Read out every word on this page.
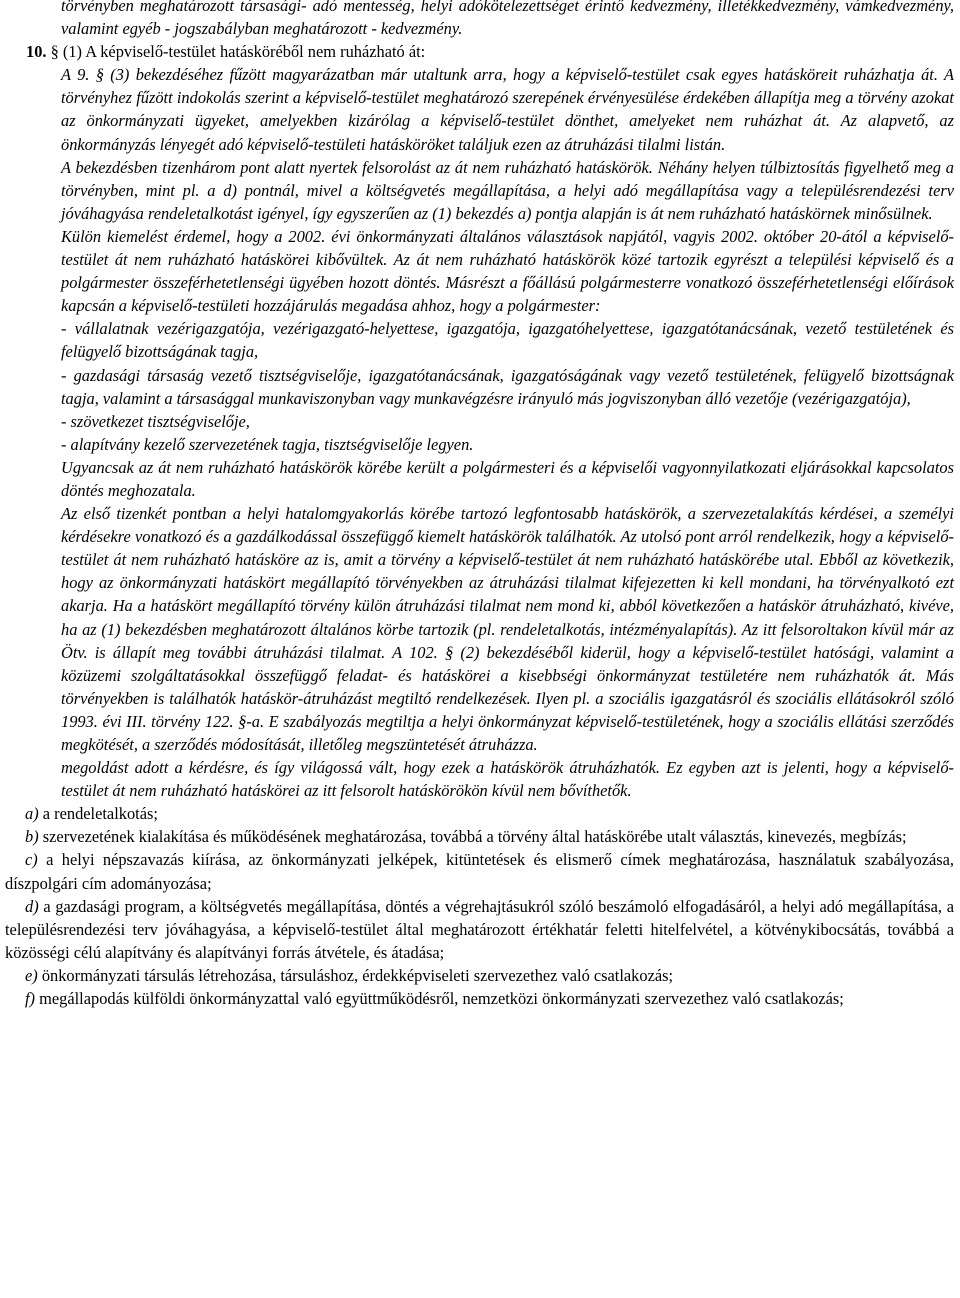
törvényben meghatározott társasági- adó mentesség, helyi adókötelezettséget érintő kedvezmény, illetékkedvezmény, vámkedvezmény, valamint egyéb - jogszabályban meghatározott - kedvezmény.

10. § (1) A képviselő-testület hatásköréből nem ruházható át:

A 9. § (3) bekezdéséhez fűzött magyarázatban már utaltunk arra, hogy a képviselő-testület csak egyes hatásköreit ruházhatja át. A törvényhez fűzött indokolás szerint a képviselő-testület meghatározó szerepének érvényesülése érdekében állapítja meg a törvény azokat az önkormányzati ügyeket, amelyekben kizárólag a képviselő-testület dönthet, amelyeket nem ruházhat át. Az alapvető, az önkormányzás lényegét adó képviselő-testületi hatásköröket találjuk ezen az átruházási tilalmi listán.

A bekezdésben tizenhárom pont alatt nyertek felsorolást az át nem ruházható hatáskörök. Néhány helyen túlbiztosítás figyelhető meg a törvényben, mint pl. a d) pontnál, mivel a költségvetés megállapítása, a helyi adó megállapítása vagy a településrendezési terv jóváhagyása rendeletalkotást igényel, így egyszerűen az (1) bekezdés a) pontja alapján is át nem ruházható hatáskörnek minősülnek.

Külön kiemelést érdemel, hogy a 2002. évi önkormányzati általános választások napjától, vagyis 2002. október 20-ától a képviselő-testület át nem ruházható hatáskörei kibővültek. Az át nem ruházható hatáskörök közé tartozik egyrészt a települési képviselő és a polgármester összeférhetetlenségi ügyében hozott döntés. Másrészt a főállású polgármesterre vonatkozó összeférhetetlenségi előírások kapcsán a képviselő-testületi hozzájárulás megadása ahhoz, hogy a polgármester:

- vállalatnak vezérigazgatója, vezérigazgató-helyettese, igazgatója, igazgatóhelyettese, igazgatótanácsának, vezető testületének és felügyelő bizottságának tagja,

- gazdasági társaság vezető tisztségviselője, igazgatótanácsának, igazgatóságának vagy vezető testületének, felügyelő bizottságnak tagja, valamint a társasággal munkaviszonyban vagy munkavégzésre irányuló más jogviszonyban álló vezetője (vezérigazgatója),

- szövetkezet tisztségviselője,

- alapítvány kezelő szervezetének tagja, tisztségviselője legyen.

Ugyancsak az át nem ruházható hatáskörök körébe került a polgármesteri és a képviselői vagyonnyilatkozati eljárásokkal kapcsolatos döntés meghozatala.

Az első tizenkét pontban a helyi hatalomgyakorlás körébe tartozó legfontosabb hatáskörök, a szervezetalakítás kérdései, a személyi kérdésekre vonatkozó és a gazdálkodással összefüggő kiemelt hatáskörök találhatók. Az utolsó pont arról rendelkezik, hogy a képviselő-testület át nem ruházható hatásköre az is, amit a törvény a képviselő-testület át nem ruházható hatáskörébe utal. Ebből az következik, hogy az önkormányzati hatáskört megállapító törvényekben az átruházási tilalmat kifejezetten ki kell mondani, ha törvényalkotó ezt akarja. Ha a hatáskört megállapító törvény külön átruházási tilalmat nem mond ki, abból következően a hatáskör átruházható, kivéve, ha az (1) bekezdésben meghatározott általános körbe tartozik (pl. rendeletalkotás, intézményalapítás). Az itt felsoroltakon kívül már az Ötv. is állapít meg további átruházási tilalmat. A 102. § (2) bekezdéséből kiderül, hogy a képviselő-testület hatósági, valamint a közüzemi szolgáltatásokkal összefüggő feladat- és hatáskörei a kisebbségi önkormányzat testületére nem ruházhatók át. Más törvényekben is találhatók hatáskör-átruházást megtiltó rendelkezések. Ilyen pl. a szociális igazgatásról és szociális ellátásokról szóló 1993. évi III. törvény 122. §-a. E szabályozás megtiltja a helyi önkormányzat képviselő-testületének, hogy a szociális ellátási szerződés megkötését, a szerződés módosítását, illetőleg megszüntetését átruházza.

megoldást adott a kérdésre, és így világossá vált, hogy ezek a hatáskörök átruházhatók. Ez egyben azt is jelenti, hogy a képviselő-testület át nem ruházható hatáskörei az itt felsorolt hatáskörökön kívül nem bővíthetők.

a) a rendeletalkotás;

b) szervezetének kialakítása és működésének meghatározása, továbbá a törvény által hatáskörébe utalt választás, kinevezés, megbízás;

c) a helyi népszavazás kiírása, az önkormányzati jelképek, kitüntetések és elismerő címek meghatározása, használatuk szabályozása, díszpolgári cím adományozása;

d) a gazdasági program, a költségvetés megállapítása, döntés a végrehajtásukról szóló beszámoló elfogadásáról, a helyi adó megállapítása, a településrendezési terv jóváhagyása, a képviselő-testület által meghatározott értékhatár feletti hitelfelvétel, a kötvénykibocsátás, továbbá a közösségi célú alapítvány és alapítványi forrás átvétele, és átadása;

e) önkormányzati társulás létrehozása, társuláshoz, érdekképviseleti szervezethez való csatlakozás;

f) megállapodás külföldi önkormányzattal való együttműködésről, nemzetközi önkormányzati szervezethez való csatlakozás;
